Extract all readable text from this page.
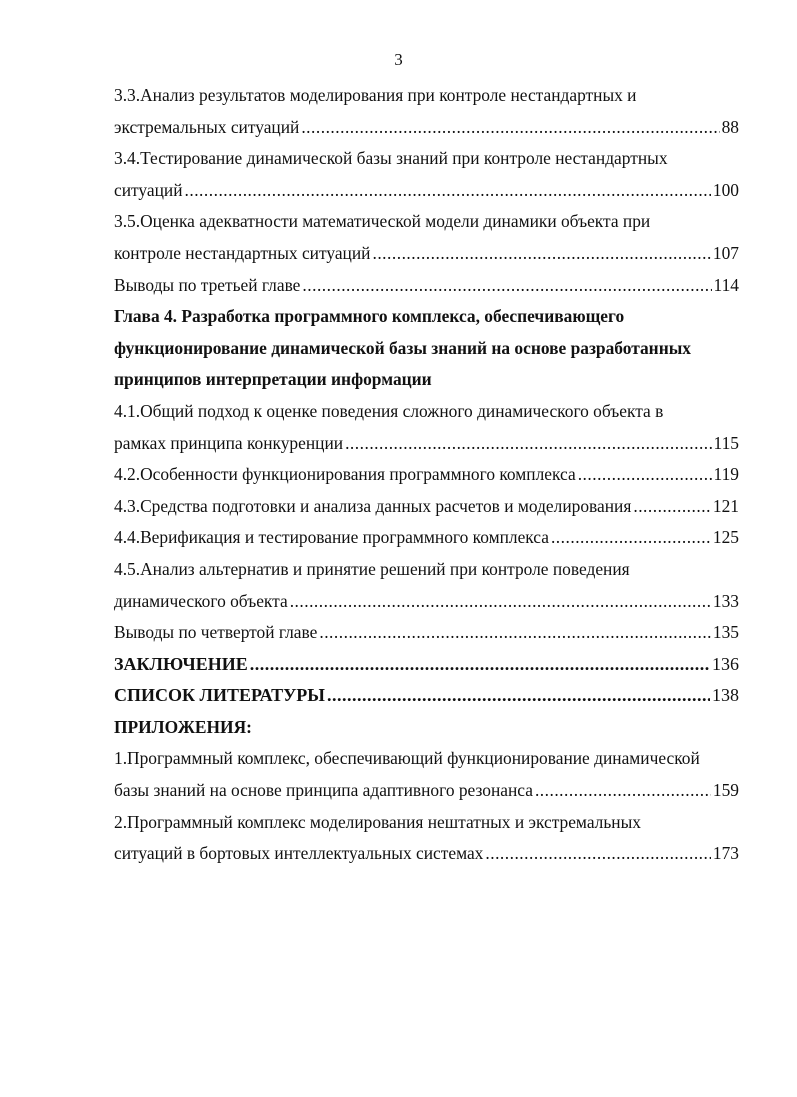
3
3.3.Анализ результатов моделирования при контроле нестандартных и
экстремальных ситуаций .....	88
3.4.Тестирование динамической базы знаний при контроле нестандартных
ситуаций .....	100
3.5.Оценка адекватности математической модели динамики объекта при
контроле нестандартных ситуаций .....	107
Выводы по третьей главе .....	114
Глава 4. Разработка программного комплекса, обеспечивающего
функционирование динамической базы знаний на основе разработанных
принципов интерпретации информации
4.1.Общий подход к оценке поведения сложного динамического объекта в
рамках принципа конкуренции .....	115
4.2.Особенности функционирования программного комплекса .....	119
4.3.Средства подготовки и анализа данных расчетов и моделирования .....	121
4.4.Верификация и тестирование программного комплекса .....	125
4.5.Анализ альтернатив и принятие решений при контроле поведения
динамического объекта .....	133
Выводы по четвертой главе .....	135
ЗАКЛЮЧЕНИЕ .....	136
СПИСОК ЛИТЕРАТУРЫ .....	138
ПРИЛОЖЕНИЯ:
1.Программный комплекс, обеспечивающий функционирование динамической
базы знаний на основе принципа адаптивного резонанса .....	159
2.Программный комплекс моделирования нештатных и экстремальных
ситуаций в бортовых интеллектуальных системах .....	173
